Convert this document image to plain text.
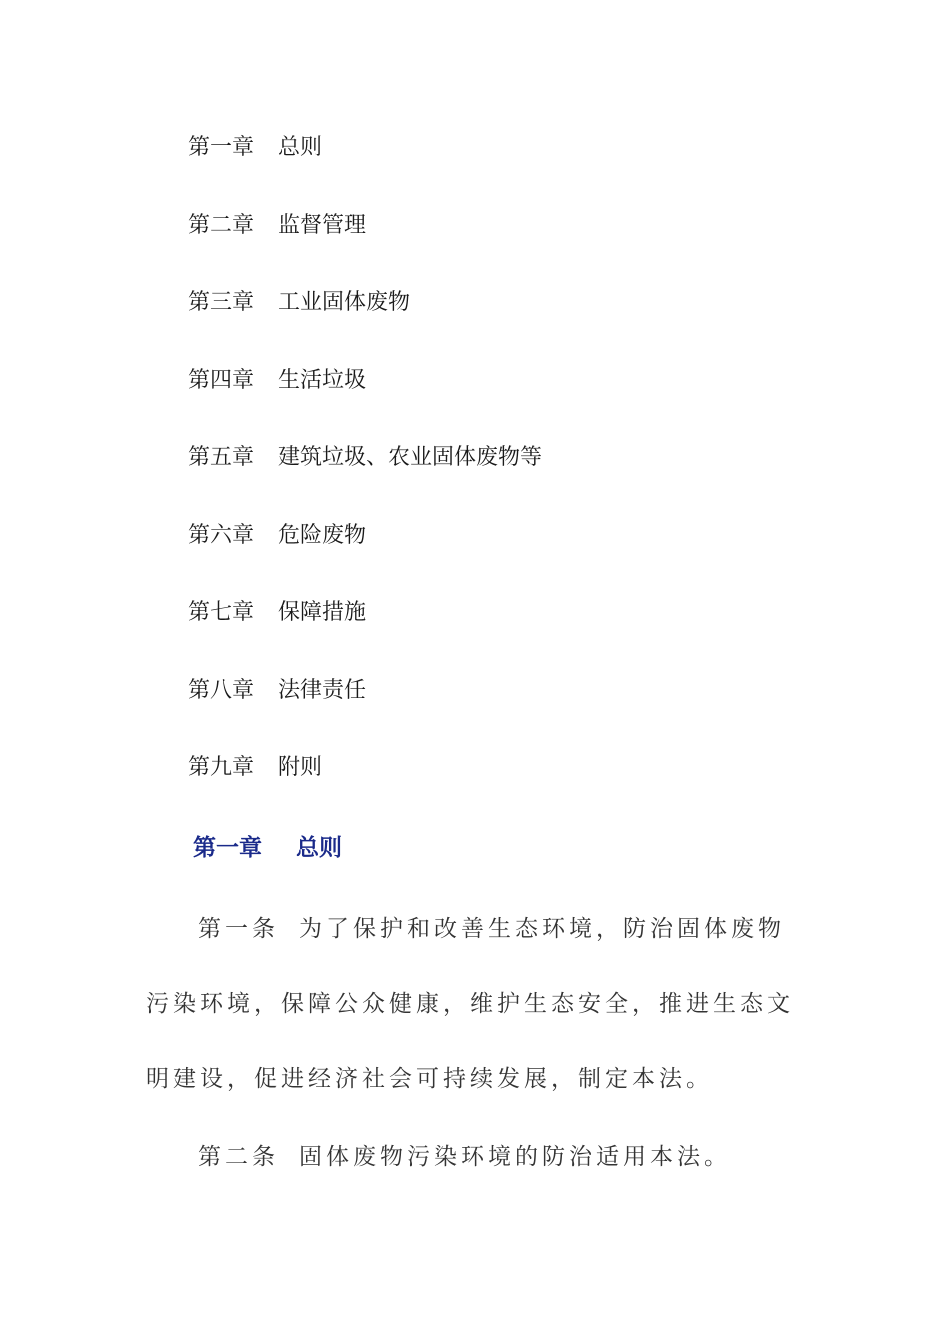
第一章 总则
第二章 监督管理
第三章 工业固体废物
第四章 生活垃圾
第五章 建筑垃圾、农业固体废物等
第六章 危险废物
第七章 保障措施
第八章 法律责任
第九章 附则
第一章 总则
第一条 为了保护和改善生态环境，防治固体废物污染环境，保障公众健康，维护生态安全，推进生态文明建设，促进经济社会可持续发展，制定本法。
第二条 固体废物污染环境的防治适用本法。
